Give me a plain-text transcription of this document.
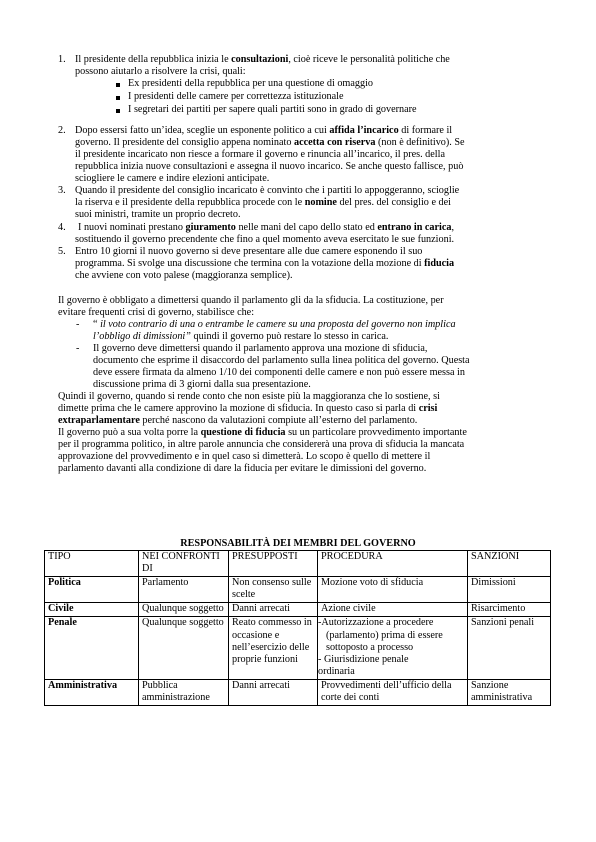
1. Il presidente della repubblica inizia le consultazioni, cioè riceve le personalità politiche che
possono aiutarlo a risolvere la crisi, quali:
Ex presidenti della repubblica per una questione di omaggio
I presidenti delle camere per correttezza istituzionale
I segretari dei partiti per sapere quali partiti sono in grado di governare
2. Dopo essersi fatto un’idea, sceglie un esponente politico a cui affida l’incarico di formare il
governo. Il presidente del consiglio appena nominato accetta con riserva (non è definitivo). Se
il presidente incaricato non riesce a formare il governo e rinuncia all’incarico, il pres. della
repubblica inizia nuove consultazioni e assegna il nuovo incarico. Se anche questo fallisce, può
sciogliere le camere e indire elezioni anticipate.
3. Quando il presidente del consiglio incaricato è convinto che i partiti lo appoggeranno, scioglie
la riserva e il presidente della repubblica procede con le nomine del pres. del consiglio e dei
suoi ministri, tramite un proprio decreto.
4. I nuovi nominati prestano giuramento nelle mani del capo dello stato ed entrano in carica,
sostituendo il governo precendente che fino a quel momento aveva esercitato le sue funzioni.
5. Entro 10 giorni il nuovo governo si deve presentare alle due camere esponendo il suo
programma. Si svolge una discussione che termina con la votazione della mozione di fiducia
che avviene con voto palese (maggioranza semplice).
Il governo è obbligato a dimettersi quando il parlamento gli da la sfiducia. La costituzione, per
evitare frequenti crisi di governo, stabilisce che:
- “ il voto contrario di una o entrambe le camere su una proposta del governo non implica
l’obbligo di dimissioni” quindi il governo può restare lo stesso in carica.
- Il governo deve dimettersi quando il parlamento approva una mozione di sfiducia,
documento che esprime il disaccordo del parlamento sulla linea politica del governo. Questa
deve essere firmata da almeno 1/10 dei componenti delle camere e non può essere messa in
discussione prima di 3 giorni dalla sua presentazione.
Quindi il governo, quando si rende conto che non esiste più la maggioranza che lo sostiene, si
dimette prima che le camere approvino la mozione di sfiducia. In questo caso si parla di crisi
extraparlamentare perché nascono da valutazioni compiute all’esterno del parlamento.
Il governo può a sua volta porre la questione di fiducia su un particolare provvedimento importante
per il programma politico, in altre parole annuncia che considererà una prova di sfiducia la mancata
approvazione del provvedimento e in quel caso si dimetterà. Lo scopo è quello di mettere il
parlamento davanti alla condizione di dare la fiducia per evitare le dimissioni del governo.
RESPONSABILITÀ DEI MEMBRI DEL GOVERNO
TIPO	NEI CONFRONTI DI	PRESUPPOSTI	PROCEDURA	SANZIONI
Politica	Parlamento	Non consenso sulle scelte	Mozione voto di sfiducia	Dimissioni
Civile	Qualunque soggetto	Danni arrecati	Azione civile	Risarcimento
Penale	Qualunque soggetto	Reato commesso in occasione e nell’esercizio delle proprie funzioni	-Autorizzazione a procedere
(parlamento) prima di essere
sottoposto a processo
- Giurisdizione penale
ordinaria	Sanzioni penali
Amministrativa	Pubblica amministrazione	Danni arrecati	Provvedimenti dell’ufficio della corte dei conti	Sanzione amministrativa
